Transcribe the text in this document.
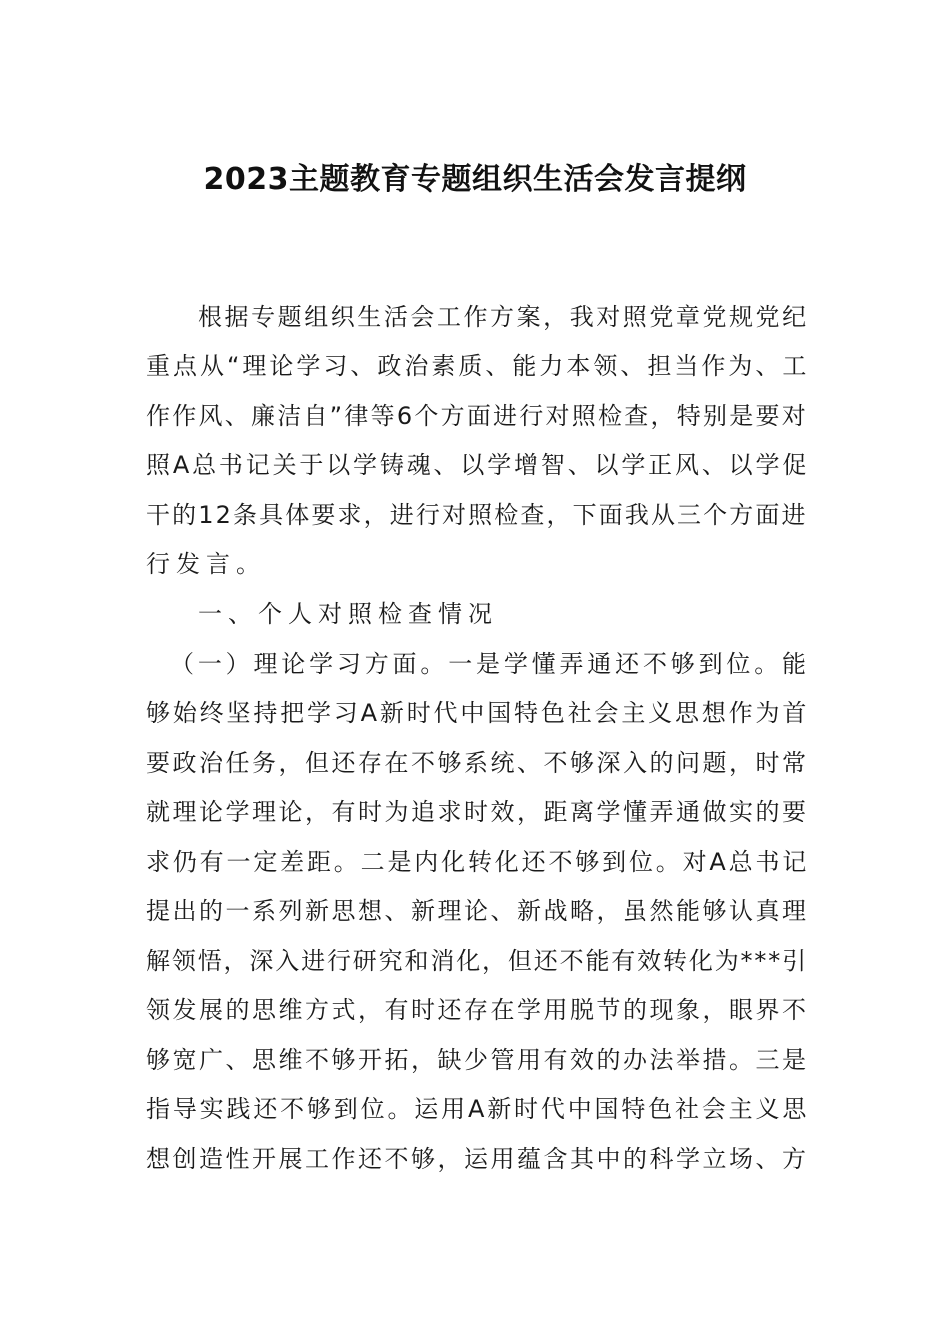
2023主题教育专题组织生活会发言提纲
根据专题组织生活会工作方案，我对照党章党规党纪
重点从“理论学习、政治素质、能力本领、担当作为、工
作作风、廉洁自”律等6个方面进行对照检查，特别是要对
照A总书记关于以学铸魂、以学增智、以学正风、以学促
干的12条具体要求，进行对照检查，下面我从三个方面进
行发言。
一、个人对照检查情况
（一）理论学习方面。一是学懂弄通还不够到位。能
够始终坚持把学习A新时代中国特色社会主义思想作为首
要政治任务，但还存在不够系统、不够深入的问题，时常
就理论学理论，有时为追求时效，距离学懂弄通做实的要
求仍有一定差距。二是内化转化还不够到位。对A总书记
提出的一系列新思想、新理论、新战略，虽然能够认真理
解领悟，深入进行研究和消化，但还不能有效转化为***引
领发展的思维方式，有时还存在学用脱节的现象，眼界不
够宽广、思维不够开拓，缺少管用有效的办法举措。三是
指导实践还不够到位。运用A新时代中国特色社会主义思
想创造性开展工作还不够，运用蕴含其中的科学立场、方
